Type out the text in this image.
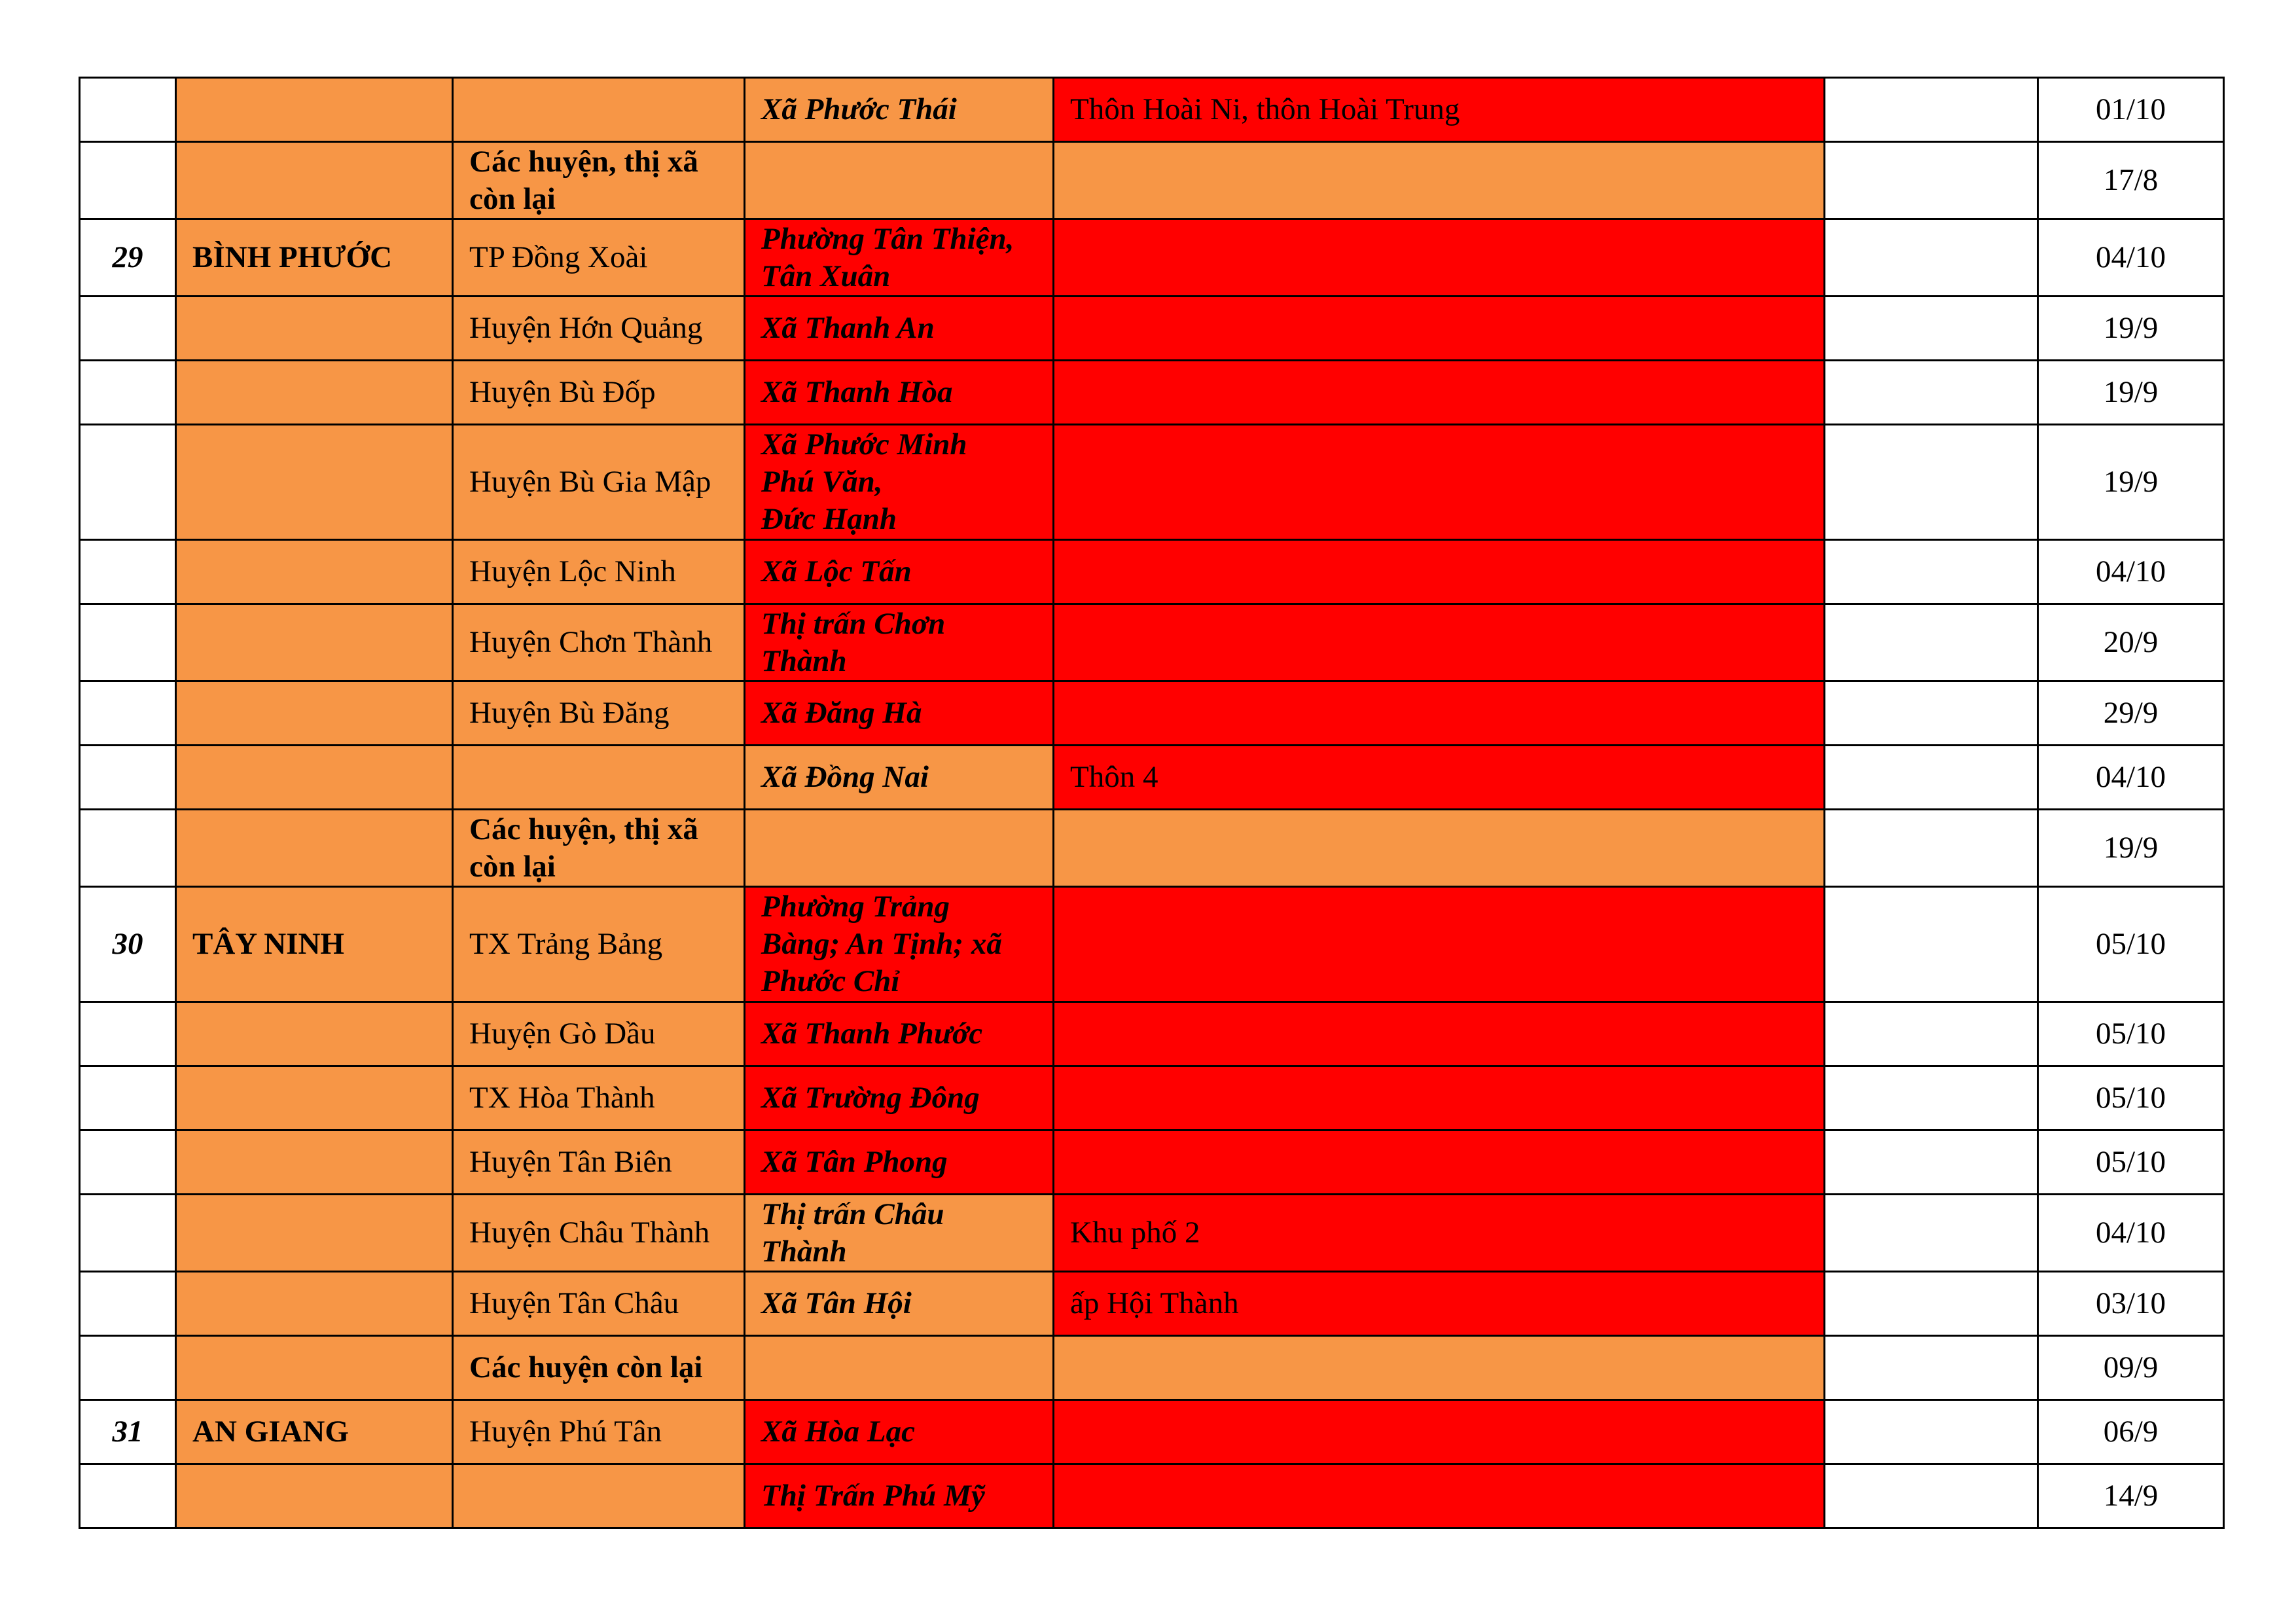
			Xã Phước Thái	Thôn Hoài Ni, thôn Hoài Trung		01/10
		Các huyện, thị xã
còn lại				17/8
29	BÌNH PHƯỚC	TP Đồng Xoài	Phường Tân Thiện,
Tân Xuân			04/10
		Huyện Hớn Quảng	Xã Thanh An			19/9
		Huyện Bù Đốp	Xã Thanh Hòa			19/9
		Huyện Bù Gia Mập	Xã Phước Minh
Phú Văn,
Đức Hạnh			19/9
		Huyện Lộc Ninh	Xã Lộc Tấn			04/10
		Huyện Chơn Thành	Thị trấn Chơn
Thành			20/9
		Huyện Bù Đăng	Xã Đăng Hà			29/9
			Xã Đồng Nai	Thôn 4		04/10
		Các huyện, thị xã
còn lại				19/9
30	TÂY NINH	TX Trảng Bảng	Phường Trảng
Bàng; An Tịnh; xã
Phước Chỉ			05/10
		Huyện Gò Dầu	Xã Thanh Phước			05/10
		TX Hòa Thành	Xã Trường Đông			05/10
		Huyện Tân Biên	Xã Tân Phong			05/10
		Huyện Châu Thành	Thị trấn Châu
Thành	Khu phố 2		04/10
		Huyện Tân Châu	Xã Tân Hội	ấp Hội Thành		03/10
		Các huyện còn lại				09/9
31	AN GIANG	Huyện Phú Tân	Xã Hòa Lạc			06/9
			Thị Trấn Phú Mỹ			14/9
